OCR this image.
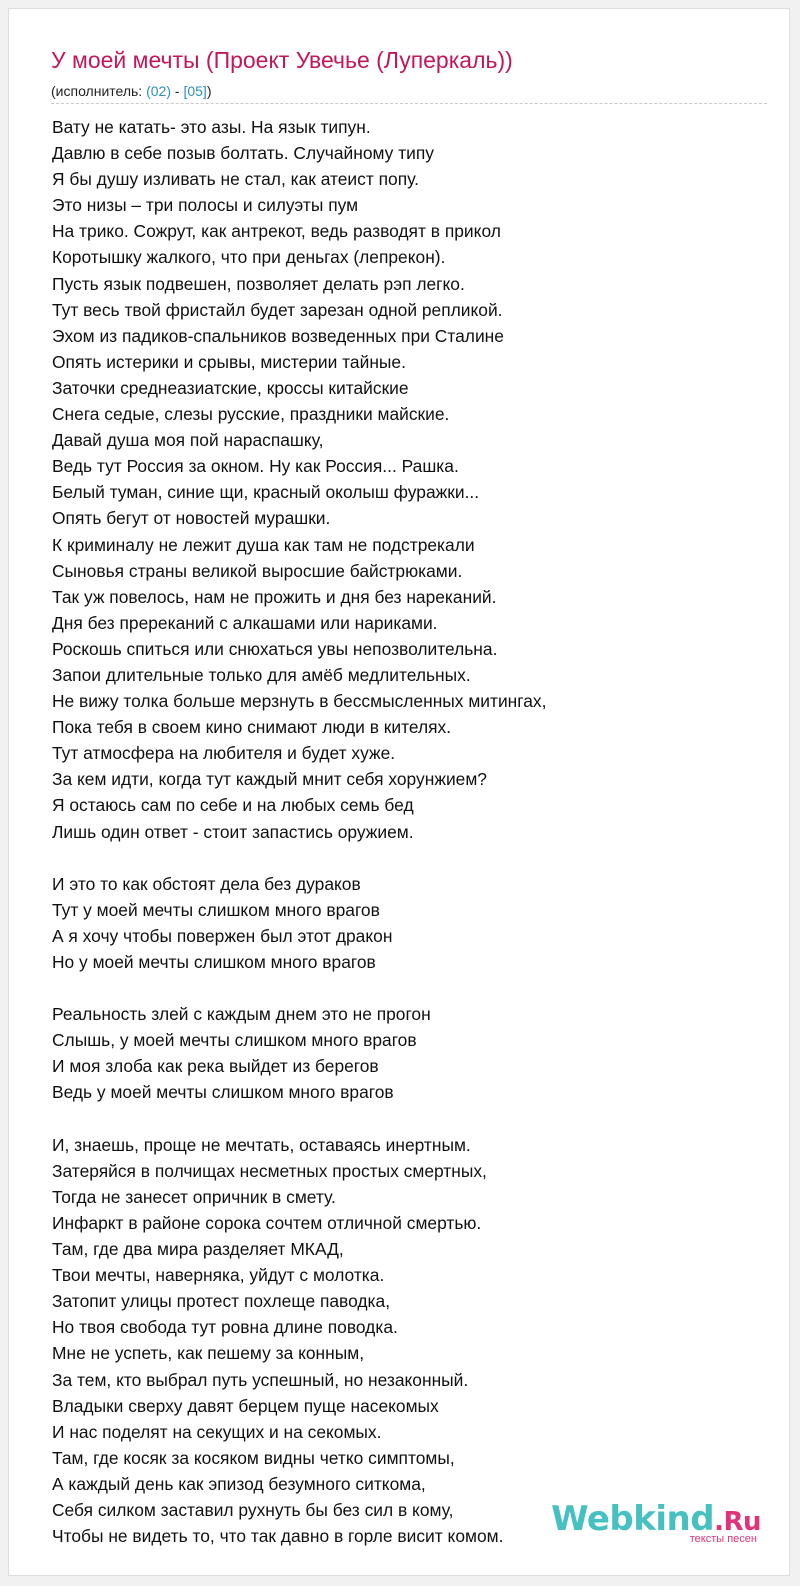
У моей мечты (Проект Увечье (Луперкаль))
(исполнитель: (02) - [05])
Вату не катать- это азы. На язык типун.
Давлю в себе позыв болтать. Случайному типу
Я бы душу изливать не стал, как атеист попу.
Это низы – три полосы и силуэты пум
На трико. Сожрут, как антрекот, ведь разводят в прикол
Коротышку жалкого, что при деньгах (лепрекон).
Пусть язык подвешен, позволяет делать рэп легко.
Тут весь твой фристайл будет зарезан одной репликой.
Эхом из падиков-спальников возведенных при Сталине
Опять истерики и срывы, мистерии тайные.
Заточки среднеазиатские, кроссы китайские
Снега седые, слезы русские, праздники майские.
Давай душа моя пой нараспашку,
Ведь тут Россия за окном. Ну как Россия... Рашка.
Белый туман, синие щи, красный околыш фуражки...
Опять бегут от новостей мурашки.
К криминалу не лежит душа как там не подстрекали
Сыновья страны великой выросшие байстрюками.
Так уж повелось, нам не прожить и дня без нареканий.
Дня без пререканий с алкашами или нариками.
Роскошь спиться или снюхаться увы непозволительна.
Запои длительные только для амёб медлительных.
Не вижу толка больше мерзнуть в бессмысленных митингах,
Пока тебя в своем кино снимают люди в кителях.
Тут атмосфера на любителя и будет хуже.
За кем идти, когда тут каждый мнит себя хорунжием?
Я остаюсь сам по себе и на любых семь бед
Лишь один ответ - стоит запастись оружием.
И это то как обстоят дела без дураков
Тут у моей мечты слишком много врагов
А я хочу чтобы повержен был этот дракон
Но у моей мечты слишком много врагов
Реальность злей с каждым днем это не прогон
Слышь, у моей мечты слишком много врагов
И моя злоба как река выйдет из берегов
Ведь у моей мечты слишком много врагов
И, знаешь, проще не мечтать, оставаясь инертным.
Затеряйся в полчищах несметных простых смертных,
Тогда не занесет опричник в смету.
Инфаркт в районе сорока сочтем отличной смертью.
Там, где два мира разделяет МКАД,
Твои мечты, наверняка, уйдут с молотка.
Затопит улицы протест похлеще паводка,
Но твоя свобода тут ровна длине поводка.
Мне не успеть, как пешему за конным,
За тем, кто выбрал путь успешный, но незаконный.
Владыки сверху давят берцем пуще насекомых
И нас поделят на секущих и на секомых.
Там, где косяк за косяком видны четко симптомы,
А каждый день как эпизод безумного ситкома,
Себя силком заставил рухнуть бы без сил в кому,
Чтобы не видеть то, что так давно в горле висит комом.	Webkind.Ru
тексты песен
